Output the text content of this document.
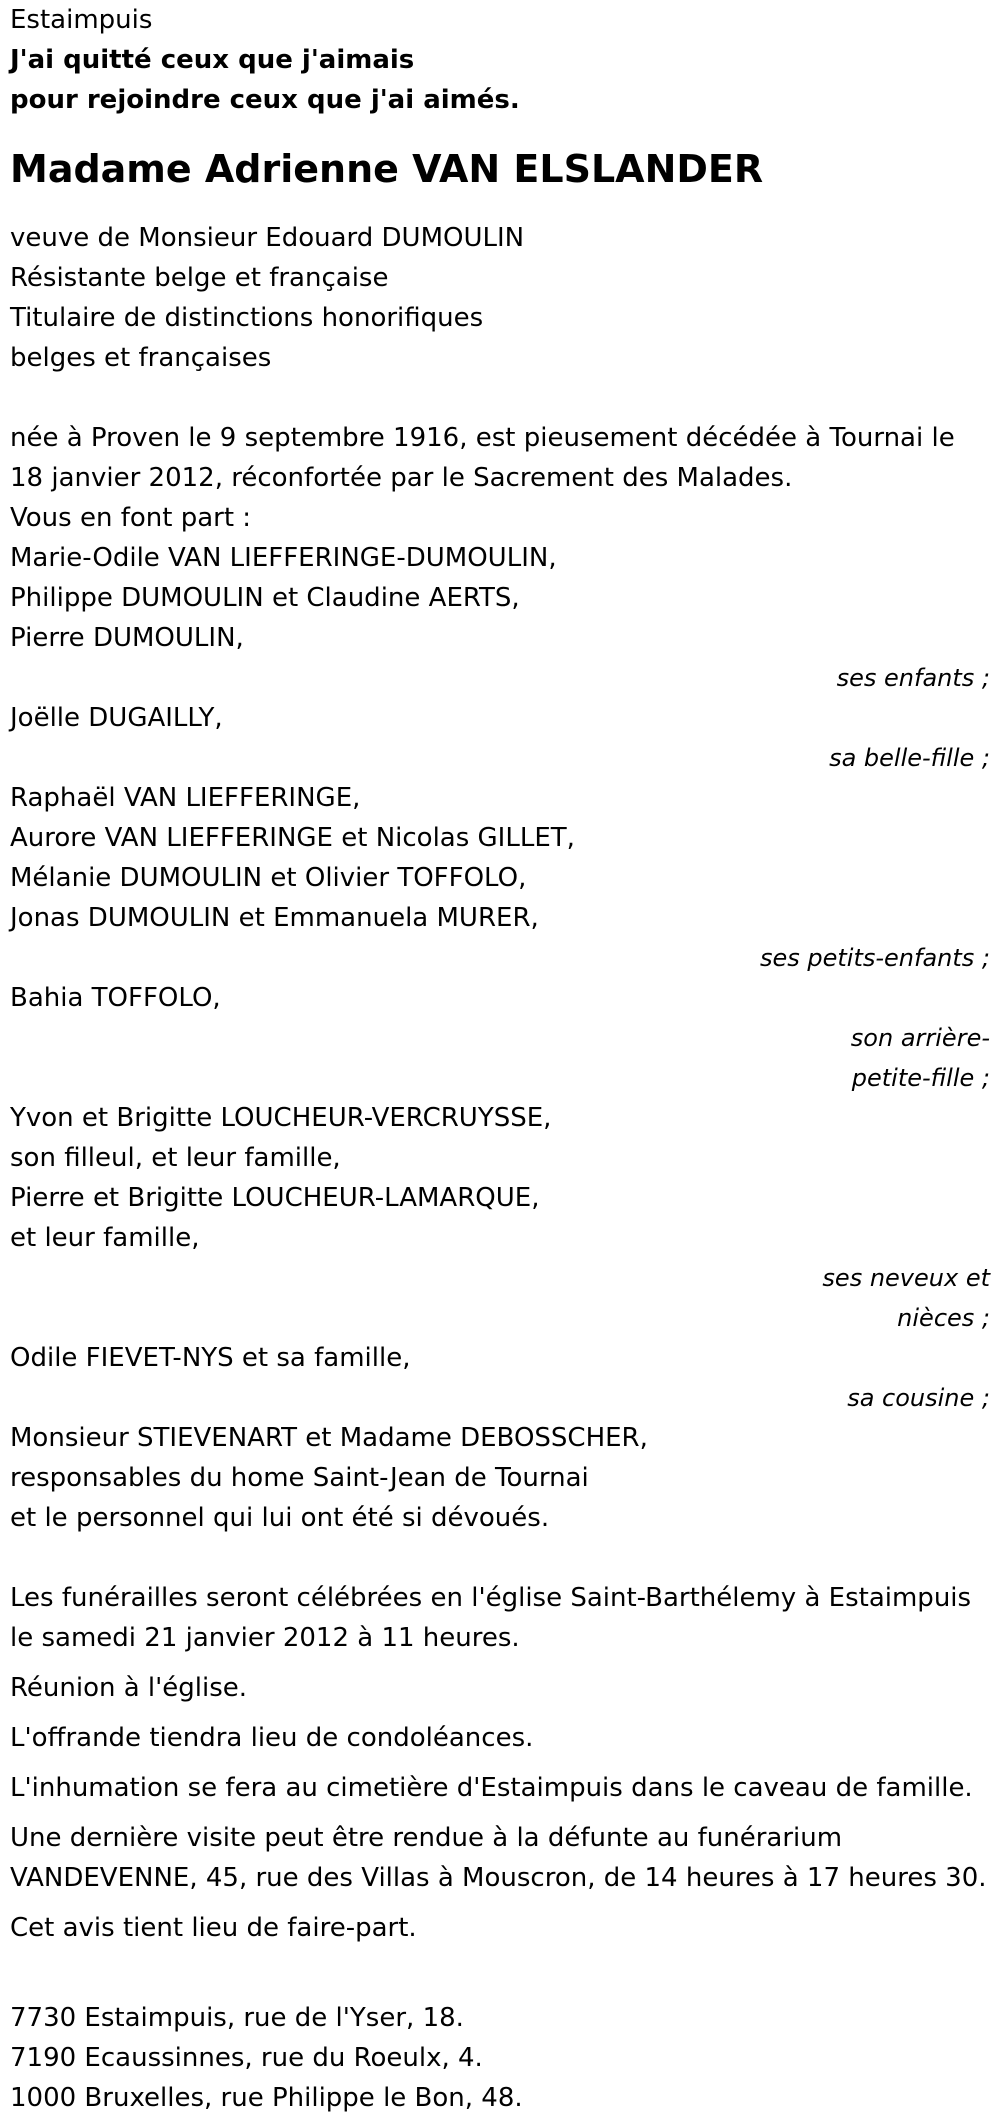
Estaimpuis
J'ai quitté ceux que j'aimais
pour rejoindre ceux que j'ai aimés.
Madame Adrienne VAN ELSLANDER
veuve de Monsieur Edouard DUMOULIN
Résistante belge et française
Titulaire de distinctions honorifiques
belges et françaises
née à Proven le 9 septembre 1916, est pieusement décédée à Tournai le
18 janvier 2012, réconfortée par le Sacrement des Malades.
Vous en font part :
Marie-Odile VAN LIEFFERINGE-DUMOULIN,
Philippe DUMOULIN et Claudine AERTS,
Pierre DUMOULIN,
ses enfants ;
Joëlle DUGAILLY,
sa belle-fille ;
Raphaël VAN LIEFFERINGE,
Aurore VAN LIEFFERINGE et Nicolas GILLET,
Mélanie DUMOULIN et Olivier TOFFOLO,
Jonas DUMOULIN et Emmanuela MURER,
ses petits-enfants ;
Bahia TOFFOLO,
son arrière-
petite-fille ;
Yvon et Brigitte LOUCHEUR-VERCRUYSSE,
son filleul, et leur famille,
Pierre et Brigitte LOUCHEUR-LAMARQUE,
et leur famille,
ses neveux et
nièces ;
Odile FIEVET-NYS et sa famille,
sa cousine ;
Monsieur STIEVENART et Madame DEBOSSCHER,
responsables du home Saint-Jean de Tournai
et le personnel qui lui ont été si dévoués.
Les funérailles seront célébrées en l'église Saint-Barthélemy à Estaimpuis
le samedi 21 janvier 2012 à 11 heures.
Réunion à l'église.
L'offrande tiendra lieu de condoléances.
L'inhumation se fera au cimetière d'Estaimpuis dans le caveau de famille.
Une dernière visite peut être rendue à la défunte au funérarium
VANDEVENNE, 45, rue des Villas à Mouscron, de 14 heures à 17 heures 30.
Cet avis tient lieu de faire-part.
7730 Estaimpuis, rue de l'Yser, 18.
7190 Ecaussinnes, rue du Roeulx, 4.
1000 Bruxelles, rue Philippe le Bon, 48.
